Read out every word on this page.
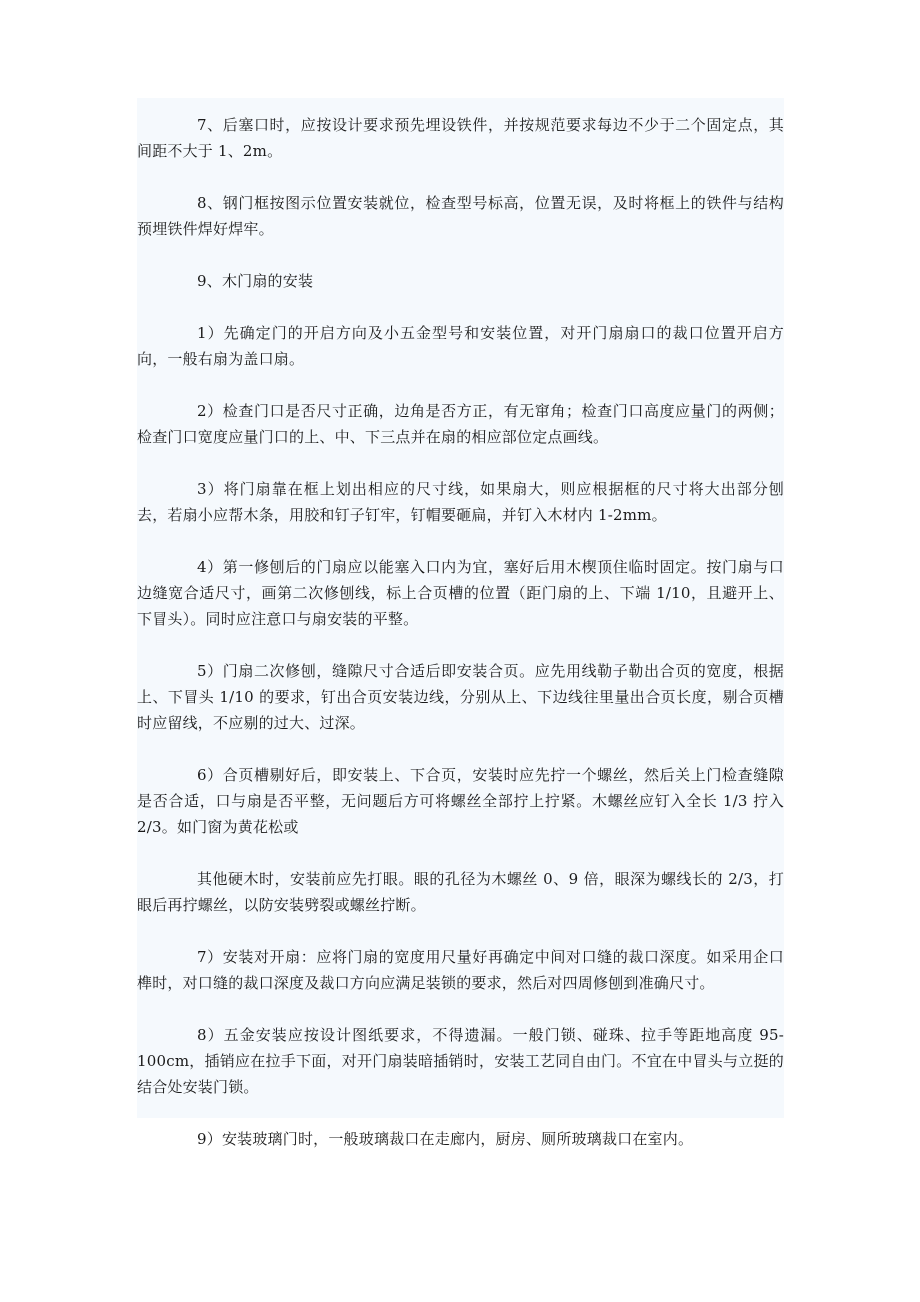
7、后塞口时，应按设计要求预先埋设铁件，并按规范要求每边不少于二个固定点，其间距不大于 1、2m。

8、钢门框按图示位置安装就位，检查型号标高，位置无误，及时将框上的铁件与结构预埋铁件焊好焊牢。

9、木门扇的安装

1）先确定门的开启方向及小五金型号和安装位置，对开门扇扇口的裁口位置开启方向，一般右扇为盖口扇。

2）检查门口是否尺寸正确，边角是否方正，有无窜角；检查门口高度应量门的两侧；检查门口宽度应量门口的上、中、下三点并在扇的相应部位定点画线。

3）将门扇靠在框上划出相应的尺寸线，如果扇大，则应根据框的尺寸将大出部分刨去，若扇小应帮木条，用胶和钉子钉牢，钉帽要砸扁，并钉入木材内 1-2mm。

4）第一修刨后的门扇应以能塞入口内为宜，塞好后用木楔顶住临时固定。按门扇与口边缝宽合适尺寸，画第二次修刨线，标上合页槽的位置（距门扇的上、下端 1/10，且避开上、下冒头）。同时应注意口与扇安装的平整。

5）门扇二次修刨，缝隙尺寸合适后即安装合页。应先用线勒子勒出合页的宽度，根据上、下冒头 1/10 的要求，钉出合页安装边线，分别从上、下边线往里量出合页长度，剔合页槽时应留线，不应剔的过大、过深。

6）合页槽剔好后，即安装上、下合页，安装时应先拧一个螺丝，然后关上门检查缝隙是否合适，口与扇是否平整，无问题后方可将螺丝全部拧上拧紧。木螺丝应钉入全长 1/3 拧入 2/3。如门窗为黄花松或

其他硬木时，安装前应先打眼。眼的孔径为木螺丝 0、9 倍，眼深为螺线长的 2/3，打眼后再拧螺丝，以防安装劈裂或螺丝拧断。

7）安装对开扇：应将门扇的宽度用尺量好再确定中间对口缝的裁口深度。如采用企口榫时，对口缝的裁口深度及裁口方向应满足装锁的要求，然后对四周修刨到准确尺寸。

8）五金安装应按设计图纸要求，不得遗漏。一般门锁、碰珠、拉手等距地高度 95-100cm，插销应在拉手下面，对开门扇装暗插销时，安装工艺同自由门。不宜在中冒头与立挺的结合处安装门锁。

9）安装玻璃门时，一般玻璃裁口在走廊内，厨房、厕所玻璃裁口在室内。
